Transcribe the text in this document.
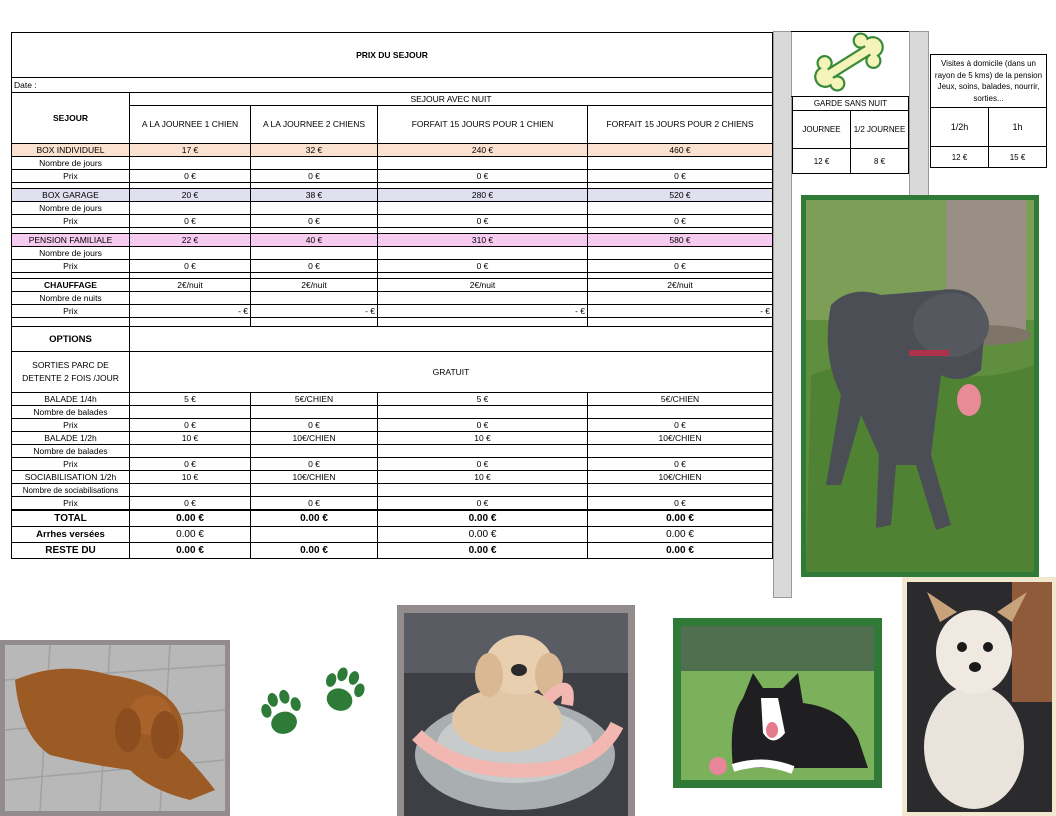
PRIX DU SEJOUR				
Date :				
SEJOUR	SEJOUR AVEC NUIT			
	A LA JOURNEE 1 CHIEN	A LA JOURNEE 2 CHIENS	FORFAIT 15 JOURS POUR 1 CHIEN	FORFAIT 15 JOURS POUR 2 CHIENS
BOX INDIVIDUEL	17 €	32 €	240 €	460 €
Nombre de jours				
Prix	0 €	0 €	0 €	0 €

BOX GARAGE	20 €	38 €	280 €	520 €
Nombre de jours				
Prix	0 €	0 €	0 €	0 €

PENSION FAMILIALE	22 €	40 €	310 €	580 €
Nombre de jours				
Prix	0 €	0 €	0 €	0 €

CHAUFFAGE	2€/nuit	2€/nuit	2€/nuit	2€/nuit
Nombre de nuits				
Prix	- €	- €	- €	- €

OPTIONS				
SORTIES PARC DE DETENTE 2 FOIS /JOUR	GRATUIT			
BALADE 1/4h	5 €	5€/CHIEN	5 €	5€/CHIEN
Nombre de balades				
Prix	0 €	0 €	0 €	0 €
BALADE 1/2h	10 €	10€/CHIEN	10 €	10€/CHIEN
Nombre de balades				
Prix	0 €	0 €	0 €	0 €
SOCIABILISATION 1/2h	10 €	10€/CHIEN	10 €	10€/CHIEN
Nombre de sociabilisations				
Prix	0 €	0 €	0 €	0 €
TOTAL	0.00 €	0.00 €	0.00 €	0.00 €
Arrhes versées	0.00 €		0.00 €	0.00 €
RESTE DU	0.00 €	0.00 €	0.00 €	0.00 €
GARDE SANS NUIT	
JOURNEE	1/2 JOURNEE
12 €	8 €
Visites à domicile (dans un rayon de 5 kms) de la pension Jeux, soins, balades, nourrir, sorties...	
1/2h	1h
12 €	15 €
